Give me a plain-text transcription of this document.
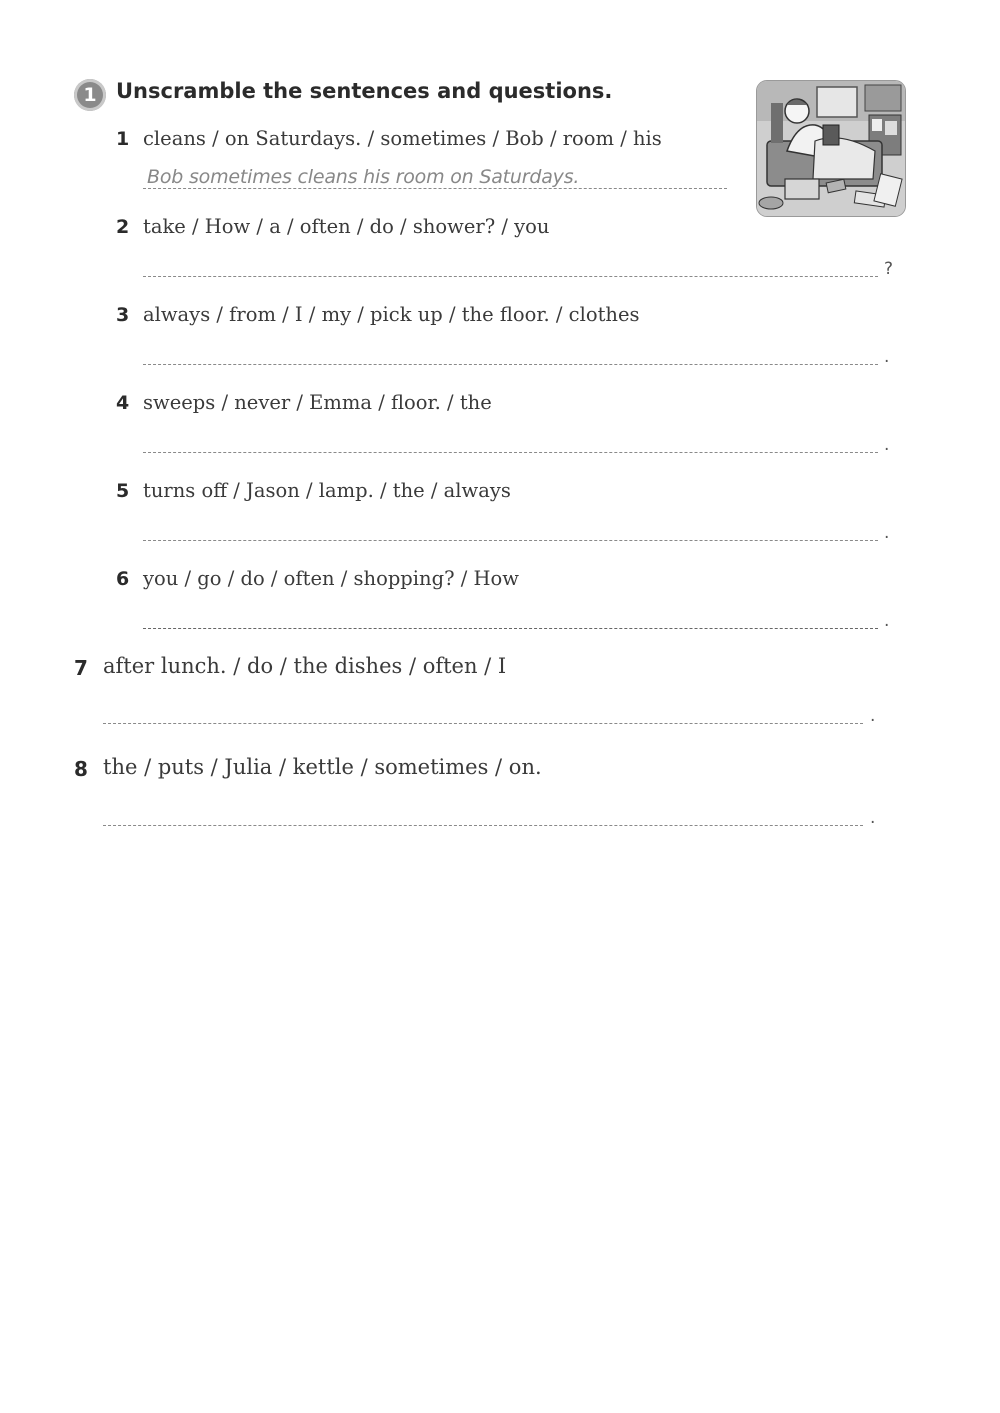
1 Unscramble the sentences and questions.
1 cleans / on Saturdays. / sometimes / Bob / room / his
Bob sometimes cleans his room on Saturdays.
2 take / How / a / often / do / shower? / you
?
3 always / from / I / my / pick up / the floor. / clothes
.
4 sweeps / never / Emma / floor. / the
.
5 turns off / Jason / lamp. / the / always
.
6 you / go / do / often / shopping? / How
.
7 after lunch. / do / the dishes / often / I
.
8 the / puts / Julia / kettle / sometimes / on.
.
